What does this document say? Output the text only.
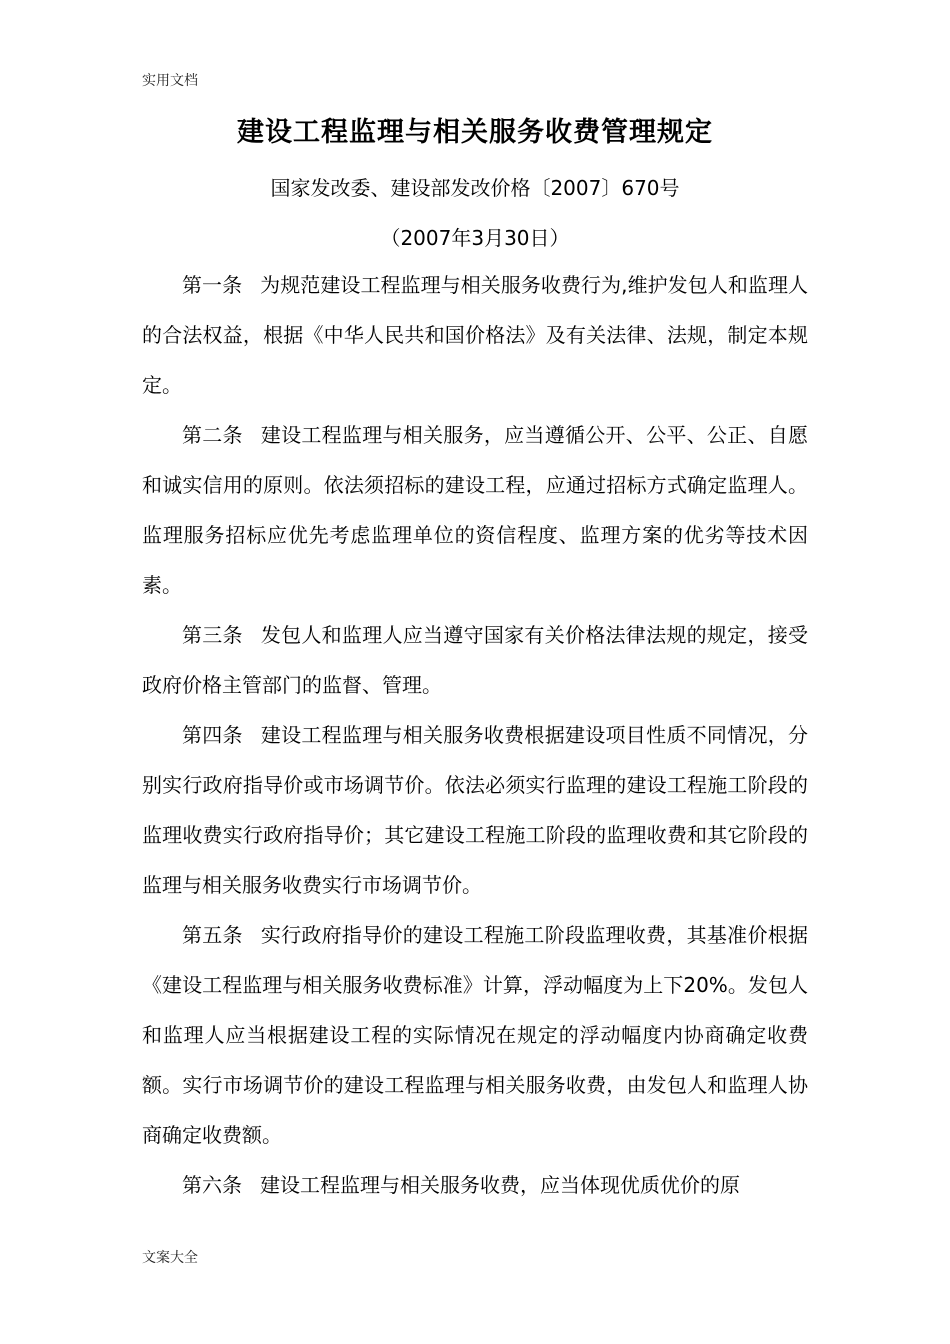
实用文档
建设工程监理与相关服务收费管理规定
国家发改委、建设部发改价格〔2007〕670号
（2007年3月30日）

第一条 为规范建设工程监理与相关服务收费行为,维护发包人和监理人的合法权益，根据《中华人民共和国价格法》及有关法律、法规，制定本规定。

第二条 建设工程监理与相关服务，应当遵循公开、公平、公正、自愿和诚实信用的原则。依法须招标的建设工程，应通过招标方式确定监理人。监理服务招标应优先考虑监理单位的资信程度、监理方案的优劣等技术因素。

第三条 发包人和监理人应当遵守国家有关价格法律法规的规定，接受政府价格主管部门的监督、管理。

第四条 建设工程监理与相关服务收费根据建设项目性质不同情况，分别实行政府指导价或市场调节价。依法必须实行监理的建设工程施工阶段的监理收费实行政府指导价；其它建设工程施工阶段的监理收费和其它阶段的监理与相关服务收费实行市场调节价。

第五条 实行政府指导价的建设工程施工阶段监理收费，其基准价根据《建设工程监理与相关服务收费标准》计算，浮动幅度为上下20%。发包人和监理人应当根据建设工程的实际情况在规定的浮动幅度内协商确定收费额。实行市场调节价的建设工程监理与相关服务收费，由发包人和监理人协商确定收费额。

第六条 建设工程监理与相关服务收费，应当体现优质优价的原

文案大全
